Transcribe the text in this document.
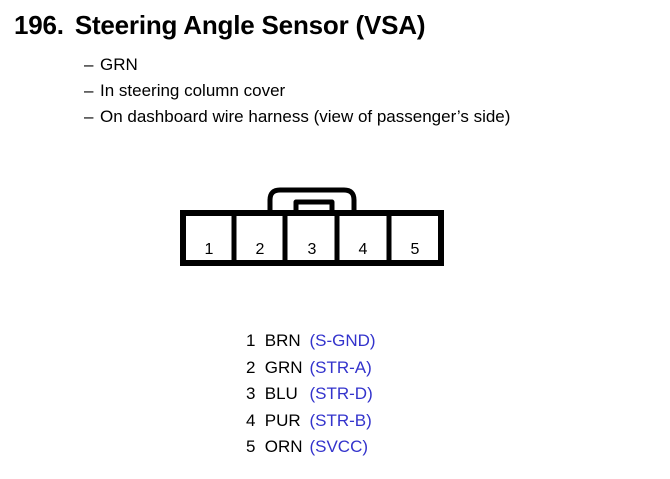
196. Steering Angle Sensor (VSA)
– GRN
– In steering column cover
– On dashboard wire harness (view of passenger’s side)
1	2	3	4	5
1 BRN (S-GND)
2 GRN (STR-A)
3 BLU (STR-D)
4 PUR (STR-B)
5 ORN (SVCC)
